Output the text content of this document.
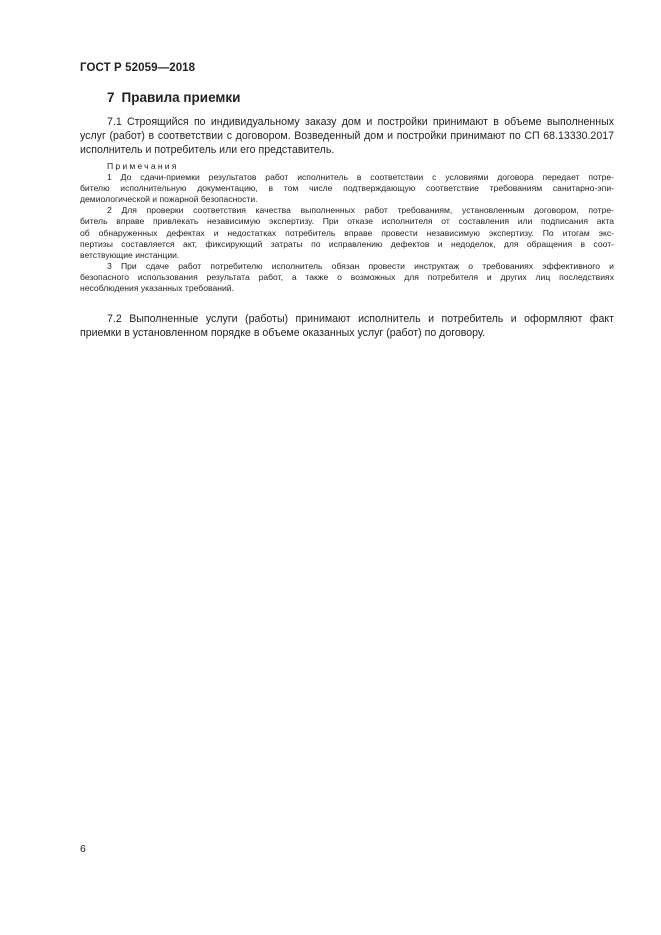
ГОСТ Р 52059—2018
7 Правила приемки
7.1 Строящийся по индивидуальному заказу дом и постройки принимают в объеме выполненных
услуг (работ) в соответствии с договором. Возведенный дом и постройки принимают по СП 68.13330.2017
исполнитель и потребитель или его представитель.
Примечания
1 До сдачи-приемки результатов работ исполнитель в соответствии с условиями договора передает потре-
бителю исполнительную документацию, в том числе подтверждающую соответствие требованиям санитарно-эпи-
демиологической и пожарной безопасности.
2 Для проверки соответствия качества выполненных работ требованиям, установленным договором, потре-
битель вправе привлекать независимую экспертизу. При отказе исполнителя от составления или подписания акта
об обнаруженных дефектах и недостатках потребитель вправе провести независимую экспертизу. По итогам экс-
пертизы составляется акт, фиксирующий затраты по исправлению дефектов и недоделок, для обращения в соот-
ветствующие инстанции.
3 При сдаче работ потребителю исполнитель обязан провести инструктаж о требованиях эффективного и
безопасного использования результата работ, а также о возможных для потребителя и других лиц последствиях
несоблюдения указанных требований.
7.2 Выполненные услуги (работы) принимают исполнитель и потребитель и оформляют факт
приемки в установленном порядке в объеме оказанных услуг (работ) по договору.
6
